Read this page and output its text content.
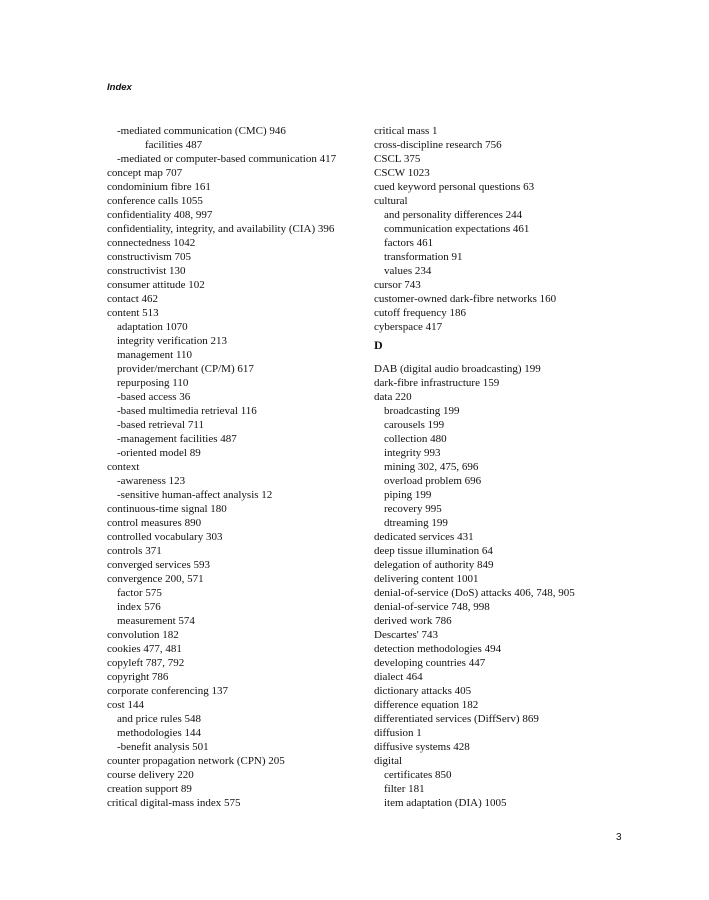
Index
-mediated communication (CMC) 946
facilities 487
-mediated or computer-based communication 417
concept map 707
condominium fibre 161
conference calls 1055
confidentiality 408, 997
confidentiality, integrity, and availability (CIA) 396
connectedness 1042
constructivism 705
constructivist 130
consumer attitude 102
contact 462
content 513
adaptation 1070
integrity verification 213
management 110
provider/merchant (CP/M) 617
repurposing 110
-based access 36
-based multimedia retrieval 116
-based retrieval 711
-management facilities 487
-oriented model 89
context
-awareness 123
-sensitive human-affect analysis 12
continuous-time signal 180
control measures 890
controlled vocabulary 303
controls 371
converged services 593
convergence 200, 571
factor 575
index 576
measurement 574
convolution 182
cookies 477, 481
copyleft 787, 792
copyright 786
corporate conferencing 137
cost 144
and price rules 548
methodologies 144
-benefit analysis 501
counter propagation network (CPN) 205
course delivery 220
creation support 89
critical digital-mass index 575
critical mass 1
cross-discipline research 756
CSCL 375
CSCW 1023
cued keyword personal questions 63
cultural
and personality differences 244
communication expectations 461
factors 461
transformation 91
values 234
cursor 743
customer-owned dark-fibre networks 160
cutoff frequency 186
cyberspace 417
D
DAB (digital audio broadcasting) 199
dark-fibre infrastructure 159
data 220
broadcasting 199
carousels 199
collection 480
integrity 993
mining 302, 475, 696
overload problem 696
piping 199
recovery 995
dtreaming 199
dedicated services 431
deep tissue illumination 64
delegation of authority 849
delivering content 1001
denial-of-service (DoS) attacks 406, 748, 905
denial-of-service 748, 998
derived work 786
Descartes' 743
detection methodologies 494
developing countries 447
dialect 464
dictionary attacks 405
difference equation 182
differentiated services (DiffServ) 869
diffusion 1
diffusive systems 428
digital
certificates 850
filter 181
item adaptation (DIA) 1005
3
